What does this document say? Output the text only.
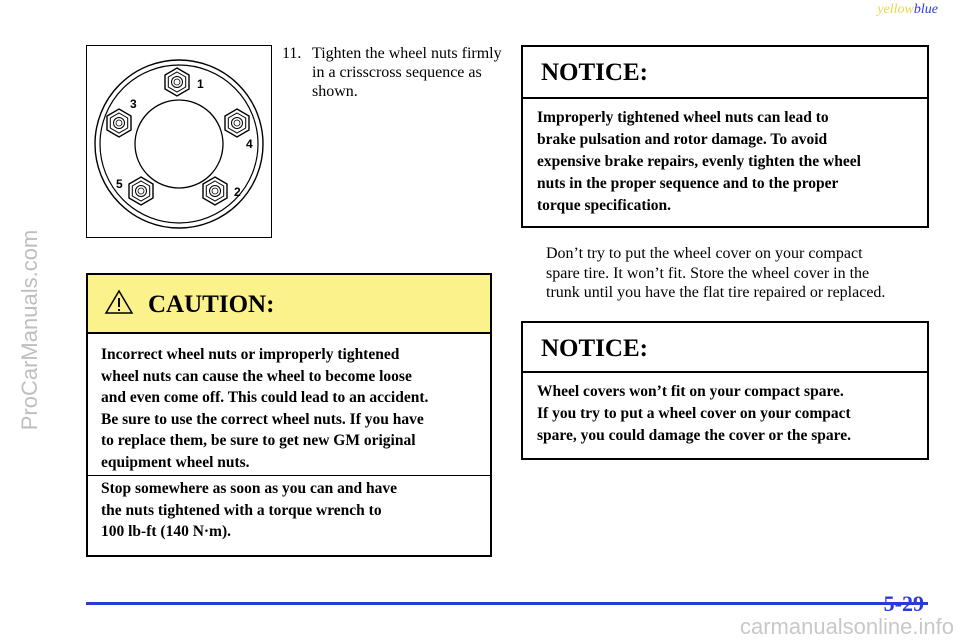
yellowblue
ProCarManuals.com
1
2
3
4
5
11. Tighten the wheel nuts firmly in a crisscross sequence as shown.
CAUTION:
Incorrect wheel nuts or improperly tightened
wheel nuts can cause the wheel to become loose
and even come off. This could lead to an accident.
Be sure to use the correct wheel nuts. If you have
to replace them, be sure to get new GM original
equipment wheel nuts.
Stop somewhere as soon as you can and have
the nuts tightened with a torque wrench to
100 lb-ft (140 N·m).
NOTICE:
Improperly tightened wheel nuts can lead to
brake pulsation and rotor damage. To avoid
expensive brake repairs, evenly tighten the wheel
nuts in the proper sequence and to the proper
torque specification.
Don’t try to put the wheel cover on your compact
spare tire. It won’t fit. Store the wheel cover in the
trunk until you have the flat tire repaired or replaced.
NOTICE:
Wheel covers won’t fit on your compact spare.
If you try to put a wheel cover on your compact
spare, you could damage the cover or the spare.
5-29
carmanualsonline.info
